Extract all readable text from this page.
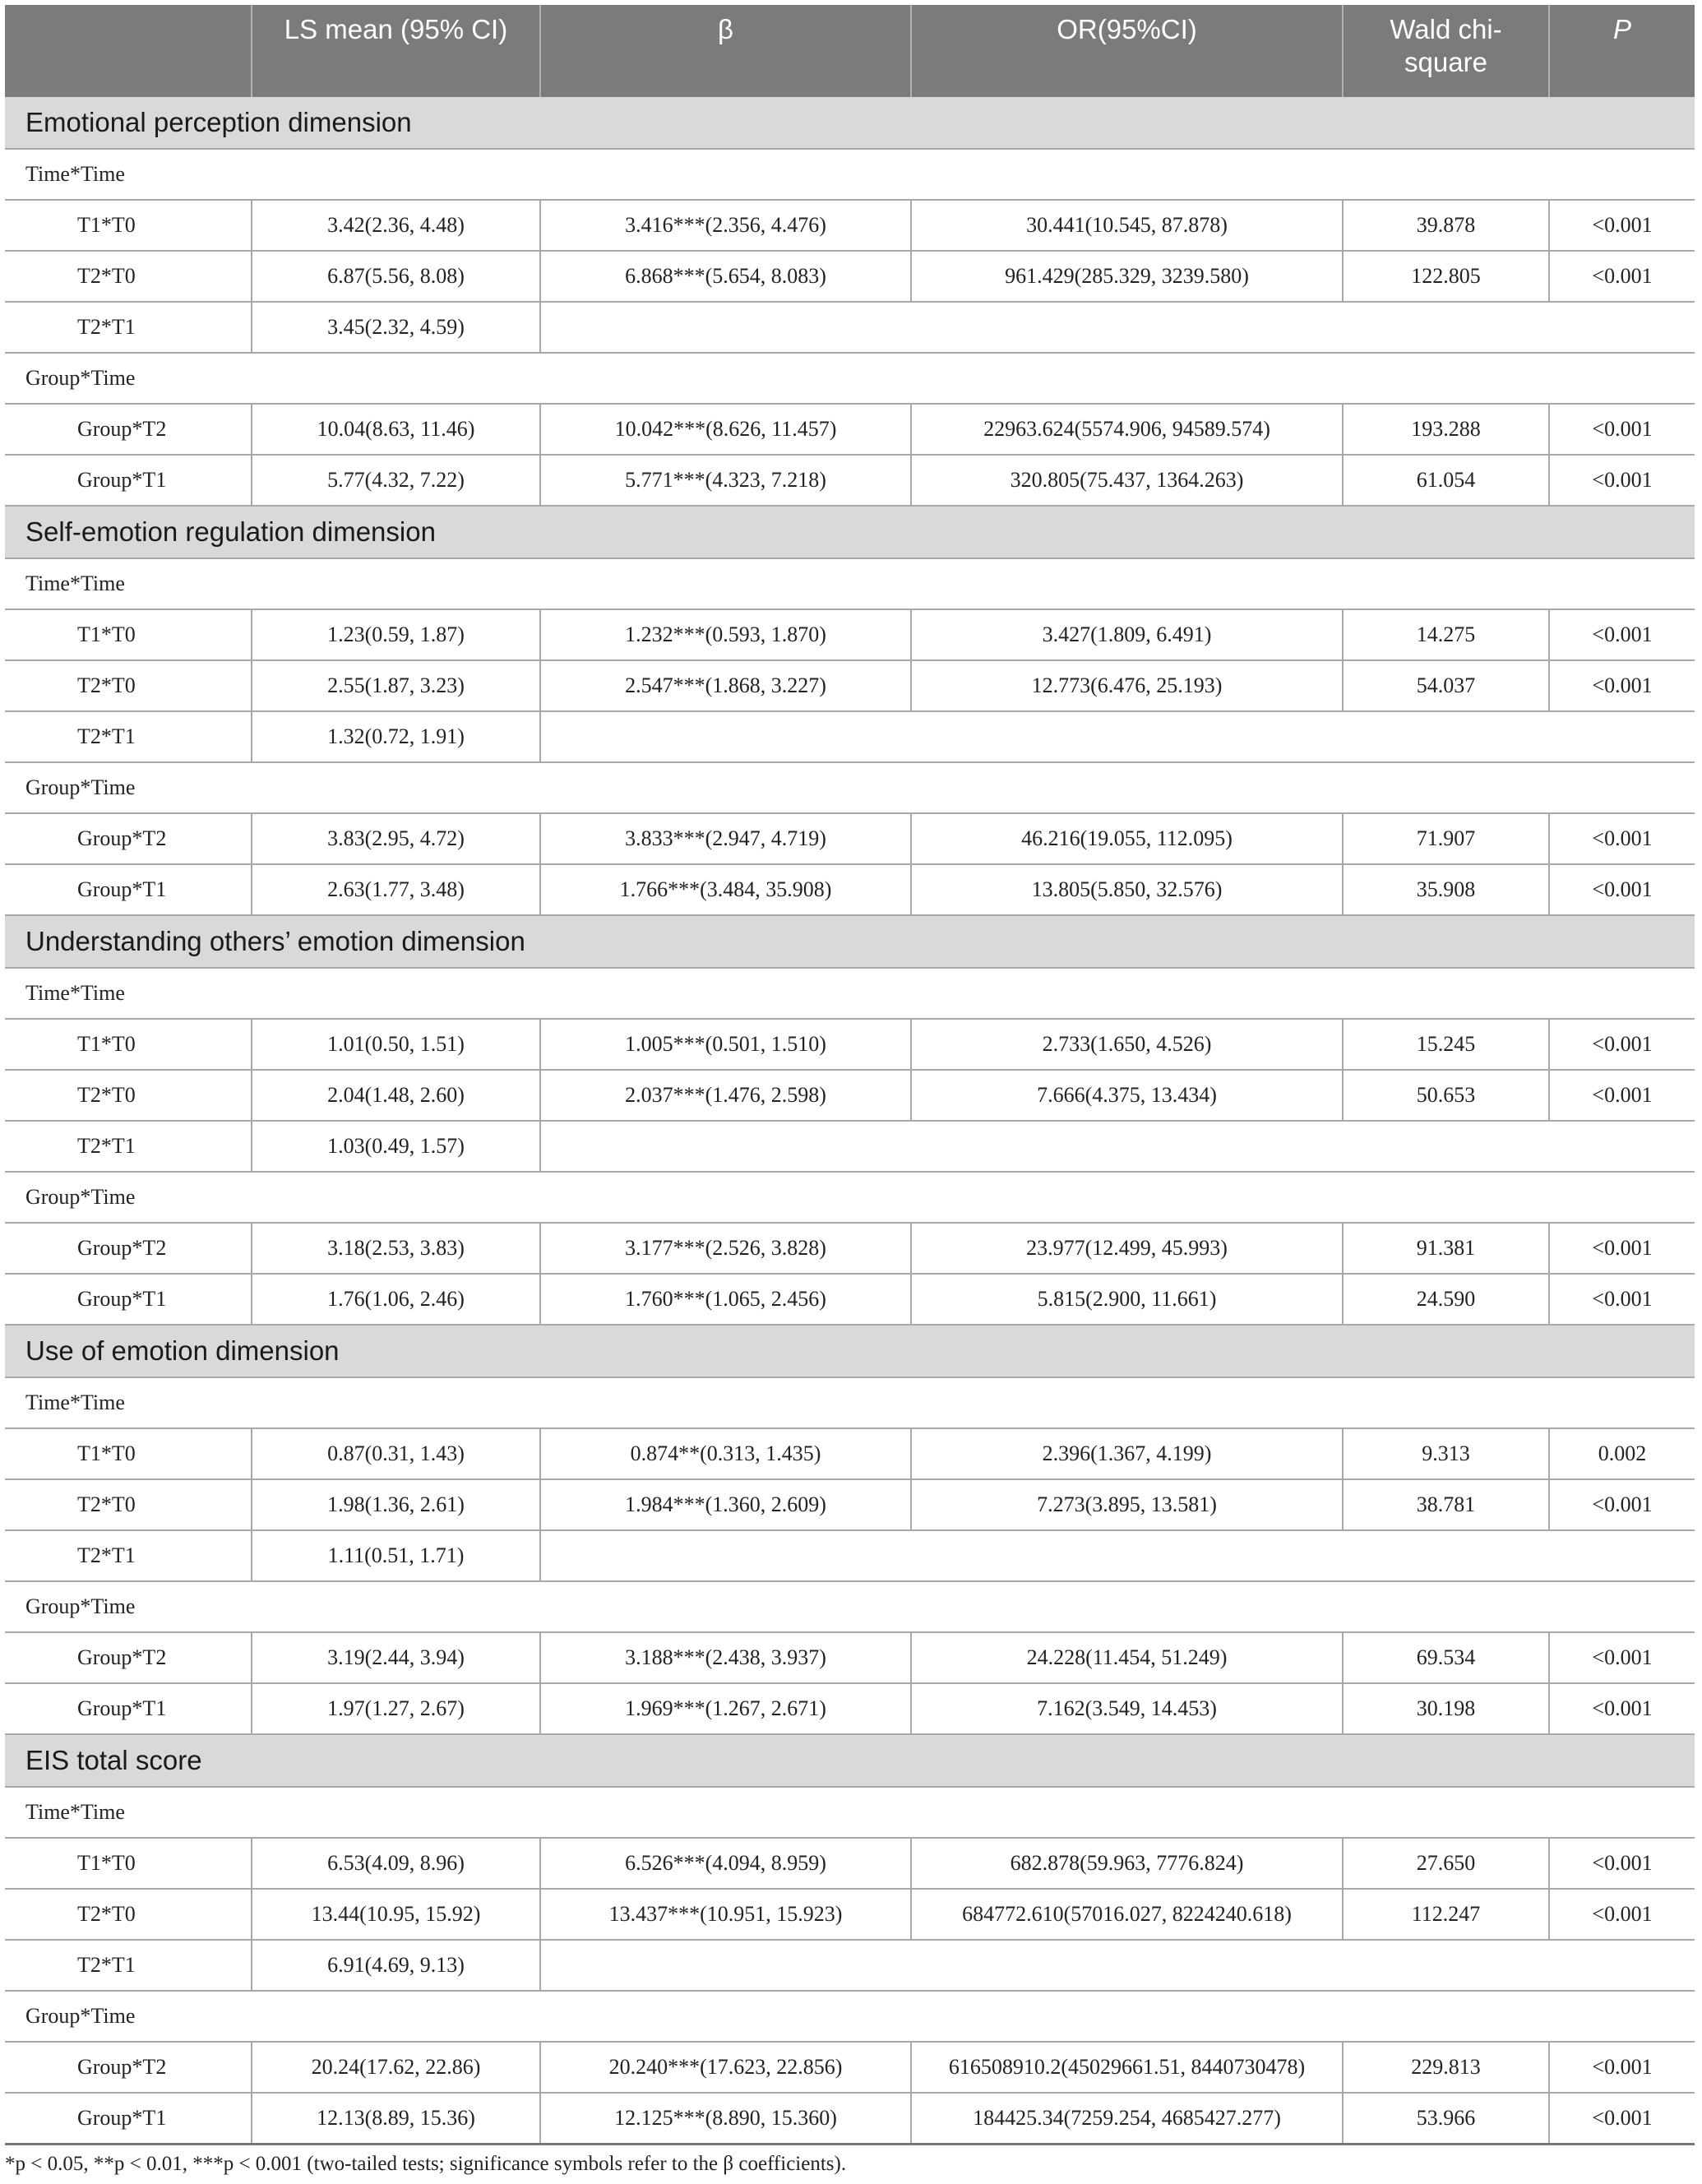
	LS mean (95% CI)	β	OR(95%CI)	Wald chi-square	P
Emotional perception dimension					
Time*Time					
T1*T0	3.42(2.36, 4.48)	3.416***(2.356, 4.476)	30.441(10.545, 87.878)	39.878	<0.001
T2*T0	6.87(5.56, 8.08)	6.868***(5.654, 8.083)	961.429(285.329, 3239.580)	122.805	<0.001
T2*T1	3.45(2.32, 4.59)				
Group*Time					
Group*T2	10.04(8.63, 11.46)	10.042***(8.626, 11.457)	22963.624(5574.906, 94589.574)	193.288	<0.001
Group*T1	5.77(4.32, 7.22)	5.771***(4.323, 7.218)	320.805(75.437, 1364.263)	61.054	<0.001
Self-emotion regulation dimension					
Time*Time					
T1*T0	1.23(0.59, 1.87)	1.232***(0.593, 1.870)	3.427(1.809, 6.491)	14.275	<0.001
T2*T0	2.55(1.87, 3.23)	2.547***(1.868, 3.227)	12.773(6.476, 25.193)	54.037	<0.001
T2*T1	1.32(0.72, 1.91)				
Group*Time					
Group*T2	3.83(2.95, 4.72)	3.833***(2.947, 4.719)	46.216(19.055, 112.095)	71.907	<0.001
Group*T1	2.63(1.77, 3.48)	1.766***(3.484, 35.908)	13.805(5.850, 32.576)	35.908	<0.001
Understanding others’ emotion dimension					
Time*Time					
T1*T0	1.01(0.50, 1.51)	1.005***(0.501, 1.510)	2.733(1.650, 4.526)	15.245	<0.001
T2*T0	2.04(1.48, 2.60)	2.037***(1.476, 2.598)	7.666(4.375, 13.434)	50.653	<0.001
T2*T1	1.03(0.49, 1.57)				
Group*Time					
Group*T2	3.18(2.53, 3.83)	3.177***(2.526, 3.828)	23.977(12.499, 45.993)	91.381	<0.001
Group*T1	1.76(1.06, 2.46)	1.760***(1.065, 2.456)	5.815(2.900, 11.661)	24.590	<0.001
Use of emotion dimension					
Time*Time					
T1*T0	0.87(0.31, 1.43)	0.874**(0.313, 1.435)	2.396(1.367, 4.199)	9.313	0.002
T2*T0	1.98(1.36, 2.61)	1.984***(1.360, 2.609)	7.273(3.895, 13.581)	38.781	<0.001
T2*T1	1.11(0.51, 1.71)				
Group*Time					
Group*T2	3.19(2.44, 3.94)	3.188***(2.438, 3.937)	24.228(11.454, 51.249)	69.534	<0.001
Group*T1	1.97(1.27, 2.67)	1.969***(1.267, 2.671)	7.162(3.549, 14.453)	30.198	<0.001
EIS total score					
Time*Time					
T1*T0	6.53(4.09, 8.96)	6.526***(4.094, 8.959)	682.878(59.963, 7776.824)	27.650	<0.001
T2*T0	13.44(10.95, 15.92)	13.437***(10.951, 15.923)	684772.610(57016.027, 8224240.618)	112.247	<0.001
T2*T1	6.91(4.69, 9.13)				
Group*Time					
Group*T2	20.24(17.62, 22.86)	20.240***(17.623, 22.856)	616508910.2(45029661.51, 8440730478)	229.813	<0.001
Group*T1	12.13(8.89, 15.36)	12.125***(8.890, 15.360)	184425.34(7259.254, 4685427.277)	53.966	<0.001
*p < 0.05, **p < 0.01, ***p < 0.001 (two-tailed tests; significance symbols refer to the β coefficients).
